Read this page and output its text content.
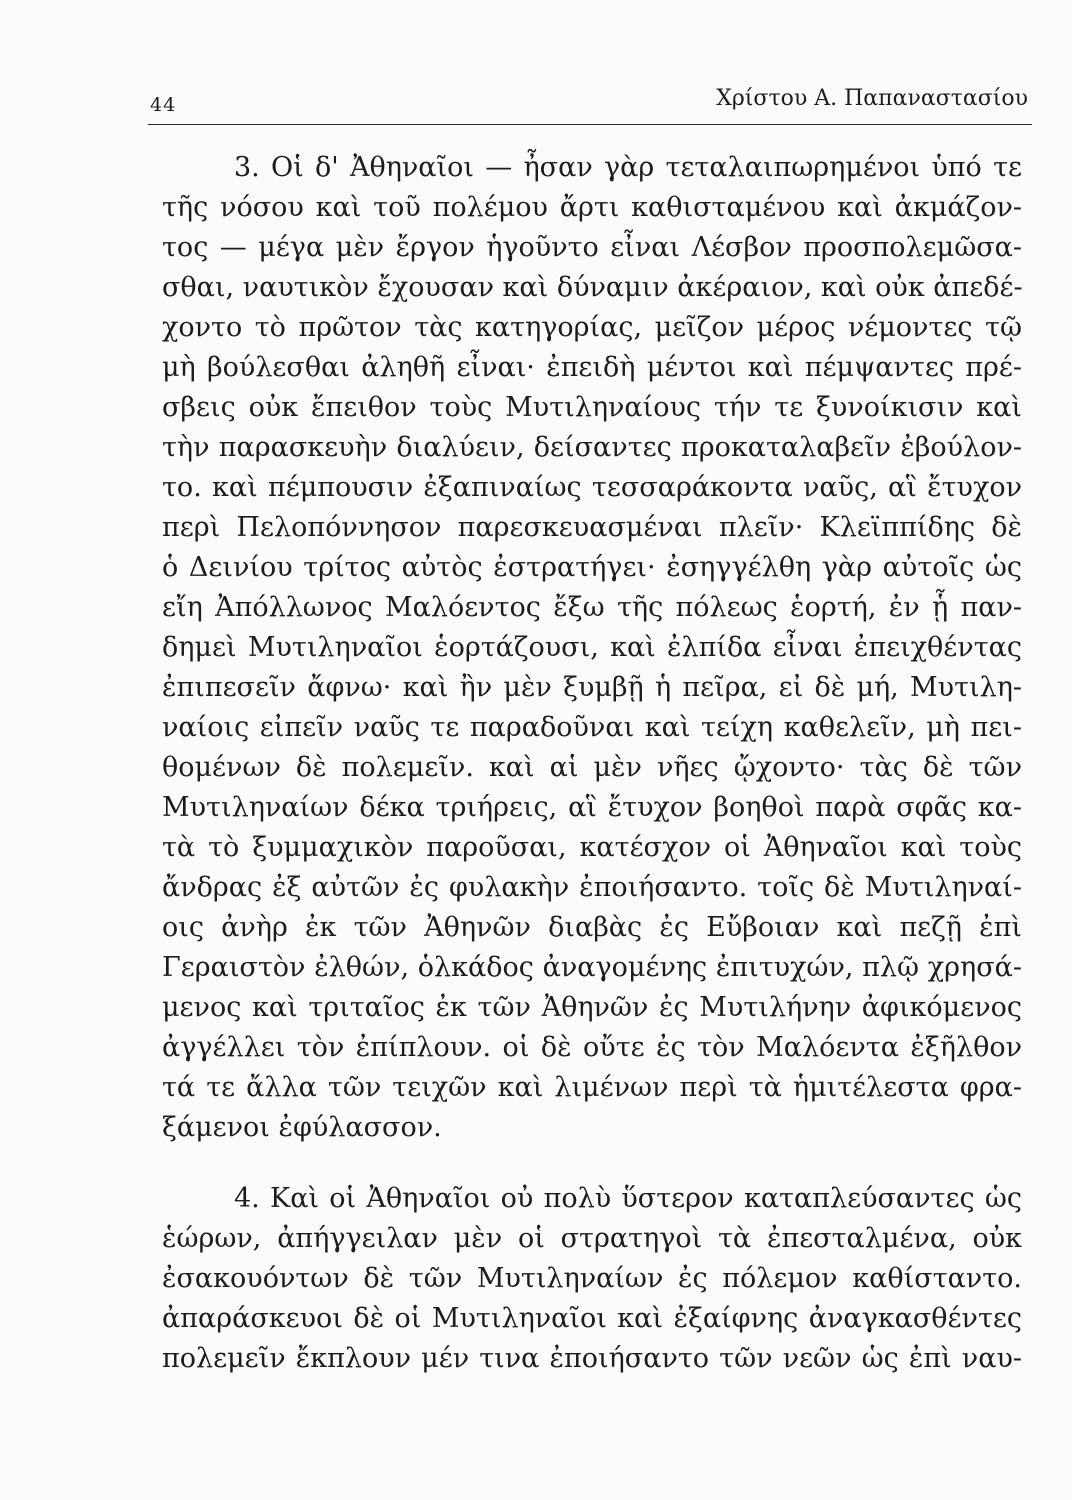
44	Χρίστου Α. Παπαναστασίου
3. Οἱ δ' Ἀθηναῖοι — ἦσαν γὰρ τεταλαιπωρημένοι ὑπό τε
τῆς νόσου καὶ τοῦ πολέμου ἄρτι καθισταμένου καὶ ἀκμάζον-
τος — μέγα μὲν ἔργον ἡγοῦντο εἶναι Λέσβον προσπολεμῶσα-
σθαι, ναυτικὸν ἔχουσαν καὶ δύναμιν ἀκέραιον, καὶ οὐκ ἀπεδέ-
χοντο τὸ πρῶτον τὰς κατηγορίας, μεῖζον μέρος νέμοντες τῷ
μὴ βούλεσθαι ἀληθῆ εἶναι· ἐπειδὴ μέντοι καὶ πέμψαντες πρέ-
σβεις οὐκ ἔπειθον τοὺς Μυτιληναίους τήν τε ξυνοίκισιν καὶ
τὴν παρασκευὴν διαλύειν, δείσαντες προκαταλαβεῖν ἐβούλον-
το. καὶ πέμπουσιν ἐξαπιναίως τεσσαράκοντα ναῦς, αἳ ἔτυχον
περὶ Πελοπόννησον παρεσκευασμέναι πλεῖν· Κλεϊππίδης δὲ
ὁ Δεινίου τρίτος αὐτὸς ἐστρατήγει· ἐσηγγέλθη γὰρ αὐτοῖς ὡς
εἴη Ἀπόλλωνος Μαλόεντος ἔξω τῆς πόλεως ἑορτή, ἐν ᾗ παν-
δημεὶ Μυτιληναῖοι ἑορτάζουσι, καὶ ἐλπίδα εἶναι ἐπειχθέντας
ἐπιπεσεῖν ἄφνω· καὶ ἢν μὲν ξυμβῇ ἡ πεῖρα, εἰ δὲ μή, Μυτιλη-
ναίοις εἰπεῖν ναῦς τε παραδοῦναι καὶ τείχη καθελεῖν, μὴ πει-
θομένων δὲ πολεμεῖν. καὶ αἱ μὲν νῆες ᾤχοντο· τὰς δὲ τῶν
Μυτιληναίων δέκα τριήρεις, αἳ ἔτυχον βοηθοὶ παρὰ σφᾶς κα-
τὰ τὸ ξυμμαχικὸν παροῦσαι, κατέσχον οἱ Ἀθηναῖοι καὶ τοὺς
ἄνδρας ἐξ αὐτῶν ἐς φυλακὴν ἐποιήσαντο. τοῖς δὲ Μυτιληναί-
οις ἀνὴρ ἐκ τῶν Ἀθηνῶν διαβὰς ἐς Εὔβοιαν καὶ πεζῇ ἐπὶ
Γεραιστὸν ἐλθών, ὁλκάδος ἀναγομένης ἐπιτυχών, πλῷ χρησά-
μενος καὶ τριταῖος ἐκ τῶν Ἀθηνῶν ἐς Μυτιλήνην ἀφικόμενος
ἀγγέλλει τὸν ἐπίπλουν. οἱ δὲ οὔτε ἐς τὸν Μαλόεντα ἐξῆλθον
τά τε ἄλλα τῶν τειχῶν καὶ λιμένων περὶ τὰ ἡμιτέλεστα φρα-
ξάμενοι ἐφύλασσον.
4. Καὶ οἱ Ἀθηναῖοι οὐ πολὺ ὕστερον καταπλεύσαντες ὡς
ἑώρων, ἀπήγγειλαν μὲν οἱ στρατηγοὶ τὰ ἐπεσταλμένα, οὐκ
ἐσακουόντων δὲ τῶν Μυτιληναίων ἐς πόλεμον καθίσταντο.
ἀπαράσκευοι δὲ οἱ Μυτιληναῖοι καὶ ἐξαίφνης ἀναγκασθέντες
πολεμεῖν ἔκπλουν μέν τινα ἐποιήσαντο τῶν νεῶν ὡς ἐπὶ ναυ-
